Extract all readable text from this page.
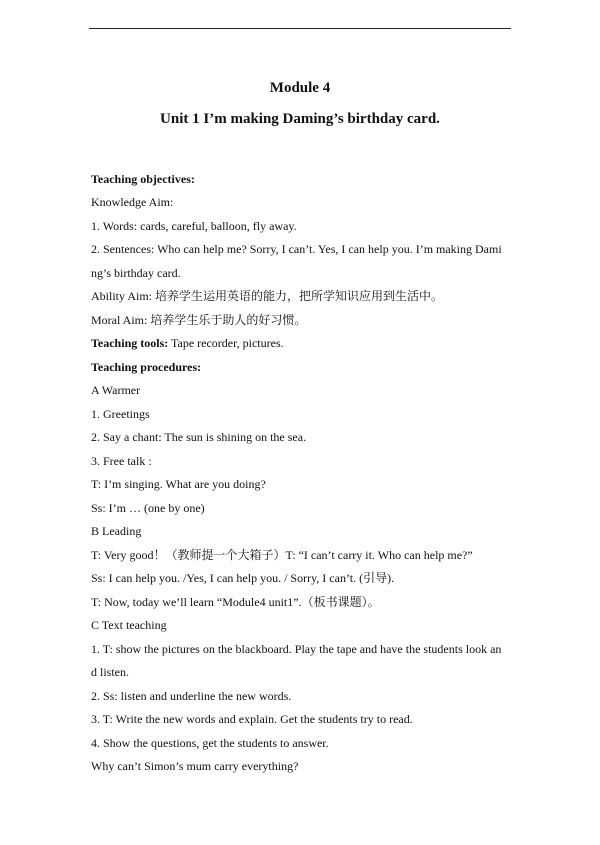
Module 4
Unit 1 I’m making Daming’s birthday card.
Teaching objectives:
Knowledge Aim:
1. Words: cards, careful, balloon, fly away.
2. Sentences: Who can help me? Sorry, I can’t. Yes, I can help you. I’m making Dami
ng’s birthday card.
Ability Aim: 培养学生运用英语的能力，把所学知识应用到生活中。
Moral Aim: 培养学生乐于助人的好习惯。
Teaching tools: Tape recorder, pictures.
Teaching procedures:
A Warmer
1. Greetings
2. Say a chant: The sun is shining on the sea.
3. Free talk :
T: I’m singing. What are you doing?
Ss: I’m … (one by one)
B Leading
T: Very good！（教师提一个大箱子）T: “I can’t carry it. Who can help me?”
Ss: I can help you. /Yes, I can help you. / Sorry, I can’t. (引导).
T: Now, today we’ll learn “Module4 unit1”.（板书课题）。
C Text teaching
1. T: show the pictures on the blackboard. Play the tape and have the students look an
d listen.
2. Ss: listen and underline the new words.
3. T: Write the new words and explain. Get the students try to read.
4. Show the questions, get the students to answer.
Why can’t Simon’s mum carry everything?
